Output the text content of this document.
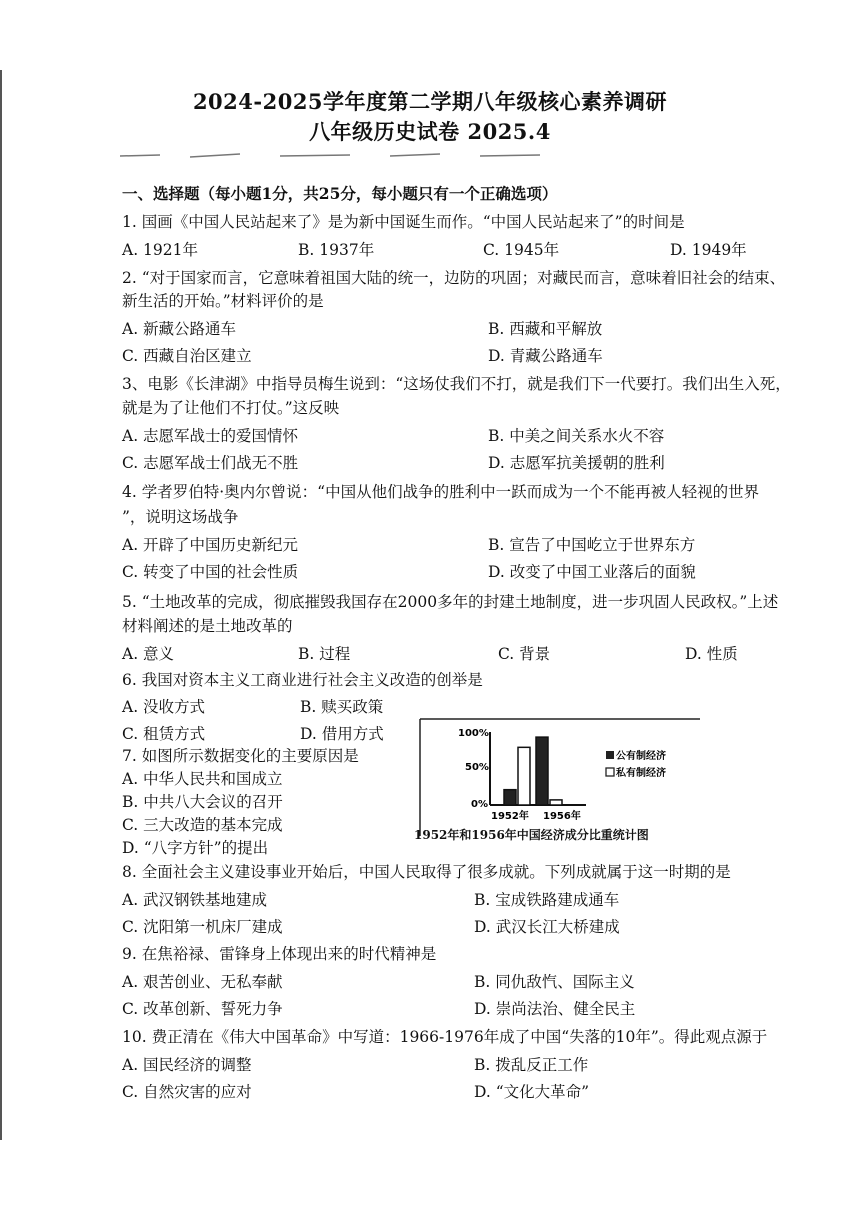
2024-2025学年度第二学期八年级核心素养调研
八年级历史试卷 2025.4
一、选择题（每小题1分，共25分，每小题只有一个正确选项）
1. 国画《中国人民站起来了》是为新中国诞生而作。“中国人民站起来了”的时间是
A. 1921年	B. 1937年	C. 1945年	D. 1949年
2. “对于国家而言，它意味着祖国大陆的统一，边防的巩固；对藏民而言，意味着旧社会的结束、
新生活的开始。”材料评价的是
A. 新藏公路通车	B. 西藏和平解放
C. 西藏自治区建立	D. 青藏公路通车
3、电影《长津湖》中指导员梅生说到：“这场仗我们不打，就是我们下一代要打。我们出生入死，
就是为了让他们不打仗。”这反映
A. 志愿军战士的爱国情怀	B. 中美之间关系水火不容
C. 志愿军战士们战无不胜	D. 志愿军抗美援朝的胜利
4. 学者罗伯特·奥内尔曾说：“中国从他们战争的胜利中一跃而成为一个不能再被人轻视的世界
”，说明这场战争
A. 开辟了中国历史新纪元	B. 宣告了中国屹立于世界东方
C. 转变了中国的社会性质	D. 改变了中国工业落后的面貌
5. “土地改革的完成，彻底摧毁我国存在2000多年的封建土地制度，进一步巩固人民政权。”上述
材料阐述的是土地改革的
A. 意义	B. 过程	C. 背景	D. 性质
6. 我国对资本主义工商业进行社会主义改造的创举是
A. 没收方式	B. 赎买政策
C. 租赁方式	D. 借用方式
7. 如图所示数据变化的主要原因是
A. 中华人民共和国成立
B. 中共八大会议的召开
C. 三大改造的基本完成
D. “八字方针”的提出
100%
50%
0%
1952年 1956年
公有制经济
私有制经济
1952年和1956年中国经济成分比重统计图
8. 全面社会主义建设事业开始后，中国人民取得了很多成就。下列成就属于这一时期的是
A. 武汉钢铁基地建成	B. 宝成铁路建成通车
C. 沈阳第一机床厂建成	D. 武汉长江大桥建成
9. 在焦裕禄、雷锋身上体现出来的时代精神是
A. 艰苦创业、无私奉献	B. 同仇敌忾、国际主义
C. 改革创新、誓死力争	D. 崇尚法治、健全民主
10. 费正清在《伟大中国革命》中写道：1966-1976年成了中国“失落的10年”。得此观点源于
A. 国民经济的调整	B. 拨乱反正工作
C. 自然灾害的应对	D. “文化大革命”
